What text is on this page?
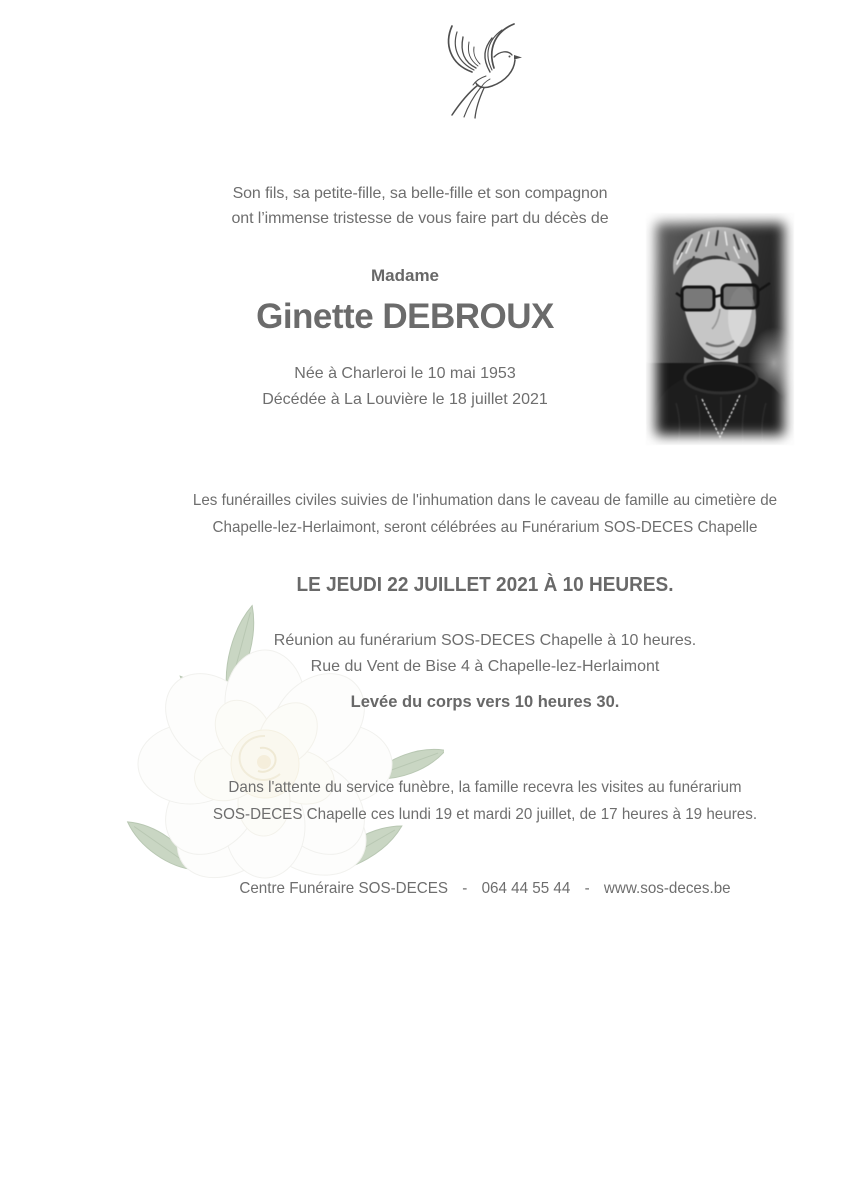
Son fils, sa petite-fille, sa belle-fille et son compagnon
ont l’immense tristesse de vous faire part du décès de
Madame
Ginette DEBROUX
Née à Charleroi le 10 mai 1953
Décédée à La Louvière le 18 juillet 2021
Les funérailles civiles suivies de l'inhumation dans le caveau de famille au cimetière de
Chapelle-lez-Herlaimont, seront célébrées au Funérarium SOS-DECES Chapelle
LE JEUDI 22 JUILLET 2021 À 10 HEURES.
Réunion au funérarium SOS-DECES Chapelle à 10 heures.
Rue du Vent de Bise 4 à Chapelle-lez-Herlaimont
Levée du corps vers 10 heures 30.
Dans l'attente du service funèbre, la famille recevra les visites au funérarium
SOS-DECES Chapelle ces lundi 19 et mardi 20 juillet, de 17 heures à 19 heures.
Centre Funéraire SOS-DECES - 064 44 55 44 - www.sos-deces.be
